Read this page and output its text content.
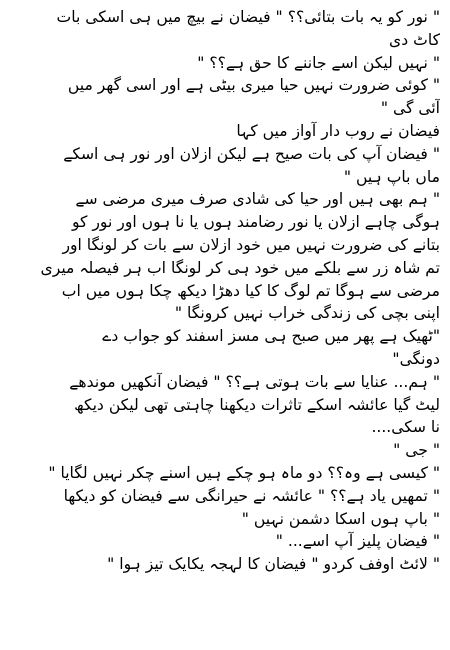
" نور کو یہ بات بتائی؟؟ " فیضان نے بیچ میں ہی اسکی بات
کاٹ دی
" نہیں لیکن اسے جاننے کا حق ہے؟؟ "
" کوئی ضرورت نہیں حیا میری بیٹی ہے اور اسی گھر میں
آئی گی "
فیضان نے روب دار آواز میں کہا
" فیضان آپ کی بات صیح ہے لیکن ازلان اور نور ہی اسکے
ماں باپ ہیں "
" ہم بھی ہیں اور حیا کی شادی صرف میری مرضی سے
ہوگی چاہے ازلان یا نور رضامند ہوں یا نا ہوں اور نور کو
بتانے کی ضرورت نہیں میں خود ازلان سے بات کر لونگا اور
تم شاہ زر سے بلکے میں خود ہی کر لونگا اب ہر فیصلہ میری
مرضی سے ہوگا تم لوگ کا کیا دھڑا دیکھ چکا ہوں میں اب
اپنی بچی کی زندگی خراب نہیں کرونگا "
"ٹھیک ہے پھر میں صبح ہی مسز اسفند کو جواب دے
دونگی"
" ہم... عنایا سے بات ہوتی ہے؟؟ " فیضان آنکھیں موندھے
لیٹ گیا عائشہ اسکے تاثرات دیکھنا چاہتی تھی لیکن دیکھ
نا سکی....
" جی "
" کیسی ہے وہ؟؟ دو ماہ ہو چکے ہیں اسنے چکر نہیں لگایا "
" تمھیں یاد ہے؟؟ " عائشہ نے حیرانگی سے فیضان کو دیکھا
" باپ ہوں اسکا دشمن نہیں "
" فیضان پلیز آپ اسے... "
" لائٹ اوفف کردو " فیضان کا لہجہ یکایک تیز ہوا "
